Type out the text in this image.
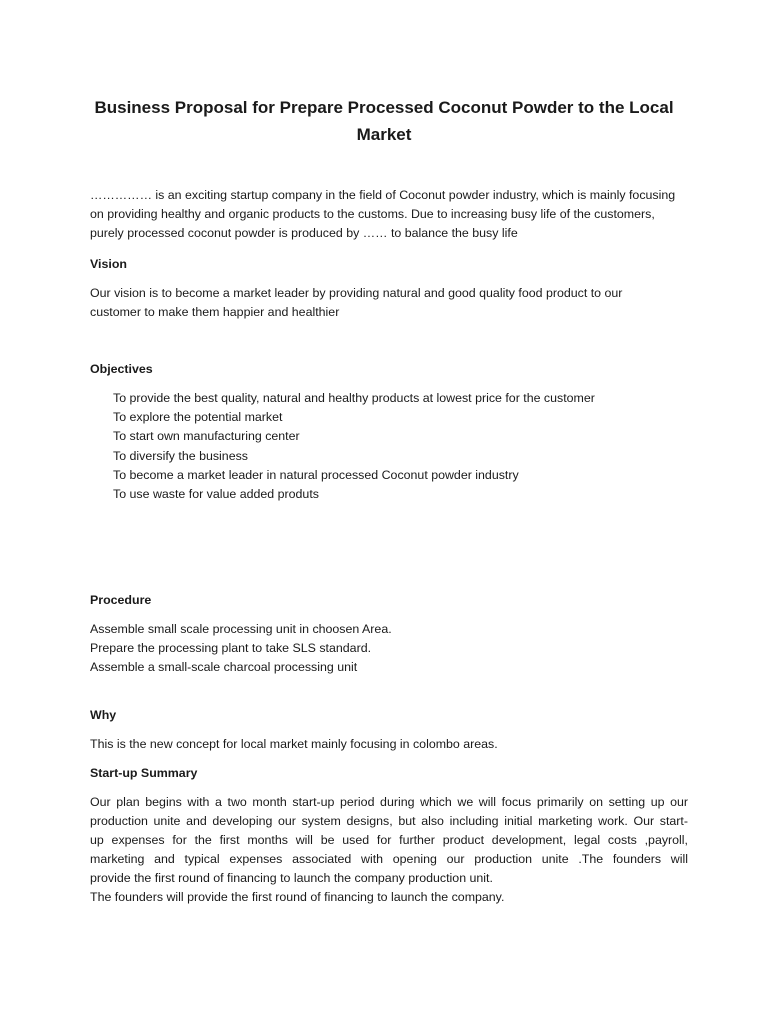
Business Proposal for Prepare Processed Coconut Powder to the Local
Market
…………… is an exciting startup company in the field of Coconut powder industry, which is mainly focusing
on providing healthy and organic products to the customs. Due to increasing busy life of the customers,
purely processed coconut powder is produced by …… to balance the busy life
Vision
Our vision is to become a market leader by providing natural and good quality food product to our
customer to make them happier and healthier
Objectives
To provide the best quality, natural and healthy products at lowest price for the customer
To explore the potential market
To start own manufacturing center
To diversify the business
To become a market leader in natural processed Coconut powder industry
To use waste for value added produts
Procedure
Assemble small scale processing unit in choosen Area.
Prepare the processing plant to take SLS standard.
Assemble a small-scale charcoal processing unit
Why
This is the new concept for local market mainly focusing in colombo areas.
Start-up Summary
Our plan begins with a two month start-up period during which we will focus primarily on setting up our
production unite and developing our system designs, but also including initial marketing work. Our start-
up expenses for the first months will be used for further product development, legal costs ,payroll,
marketing and typical expenses associated with opening our production unite .The founders will
provide the first round of financing to launch the company production unit.
The founders will provide the first round of financing to launch the company.
